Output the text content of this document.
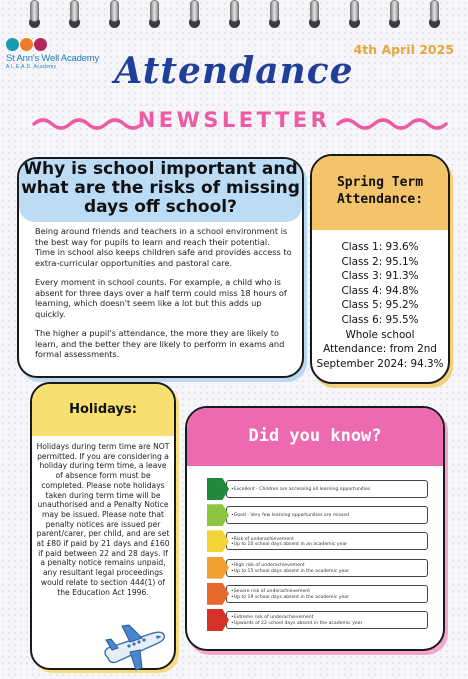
St Ann's Well Academy
A L.E.A.D. Academy
4th April 2025
Attendance
NEWSLETTER
Why is school important and what are the risks of missing days off school?

Being around friends and teachers in a school environment is the best way for pupils to learn and reach their potential. Time in school also keeps children safe and provides access to extra-curricular opportunities and pastoral care.

Every moment in school counts. For example, a child who is absent for three days over a half term could miss 18 hours of learning, which doesn't seem like a lot but this adds up quickly.

The higher a pupil's attendance, the more they are likely to learn, and the better they are likely to perform in exams and formal assessments.

Spring Term
Attendance:
Class 1: 93.6%
Class 2: 95.1%
Class 3: 91.3%
Class 4: 94.8%
Class 5: 95.2%
Class 6: 95.5%
Whole school Attendance: from 2nd September 2024: 94.3%
Holidays:
Holidays during term time are NOT permitted. If you are considering a holiday during term time, a leave of absence form must be completed. Please note holidays taken during term time will be unauthorised and a Penalty Notice may be issued. Please note that penalty notices are issued per parent/carer, per child, and are set at £80 if paid by 21 days and £160 if paid between 22 and 28 days. If a penalty notice remains unpaid, any resultant legal proceedings would relate to section 444(1) of the Education Act 1996.
Did you know?
•Excellent - Children are accessing all learning opportunities
•Good - Very few learning opportunities are missed
•Risk of underachievement
•Up to 10 school days absent in an academic year
•High risk of underachievement
•Up to 15 school days absent in the academic year
•Severe risk of underachievement
•Up to 19 school days absent in the academic year
•Extreme risk of underachievement
•Upwards of 22 school days absent in the academic year
